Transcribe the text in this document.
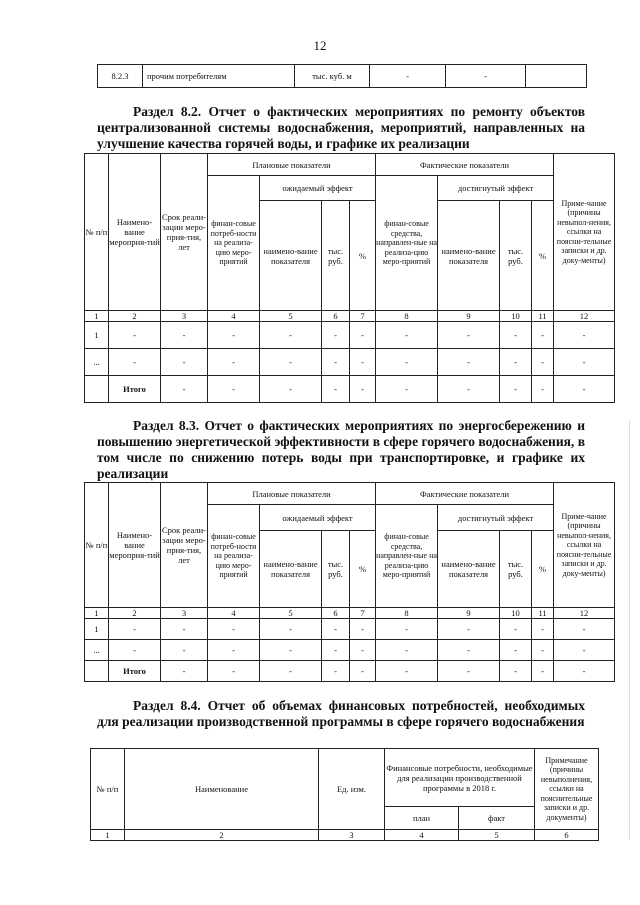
12
8.2.3	прочим потребителям	тыс. куб. м	-	-	
Раздел 8.2. Отчет о фактических мероприятиях по ремонту объектов централизованной системы водоснабжения, мероприятий, направленных на улучшение качества горячей воды, и графике их реализации
№ п/п	Наимено-вание мероприя-тий	Срок реали-зации меро-прия-тия, лет	Плановые показатели				Фактические показатели				Приме-чание (причины невыпол-нения, ссылки на поясни-тельные записки и др. доку-менты)
			финан-совые потреб-ности на реализа-цию меро-приятий	ожидаемый эффект			финан-совые средства, направлен-ные на реализа-цию меро-приятий	достигнутый эффект			
				наимено-вание показателя	тыс. руб.	%		наимено-вание показателя	тыс. руб.	%	
1	2	3	4	5	6	7	8	9	10	11	12
1	-	-	-	-	-	-	-	-	-	-	-
...	-	-	-	-	-	-	-	-	-	-	-
	Итого	-	-	-	-	-	-	-	-	-	-
Раздел 8.3. Отчет о фактических мероприятиях по энергосбережению и повышению энергетической эффективности в сфере горячего водоснабжения, в том числе по снижению потерь воды при транспортировке, и графике их реализации
№ п/п	Наимено-вание мероприя-тий	Срок реали-зации меро-прия-тия, лет	Плановые показатели				Фактические показатели				Приме-чание (причины невыпол-нения, ссылки на поясни-тельные записки и др. доку-менты)
			финан-совые потреб-ности на реализа-цию меро-приятий	ожидаемый эффект			финан-совые средства, направлен-ные на реализа-цию меро-приятий	достигнутый эффект			
				наимено-вание показателя	тыс. руб.	%		наимено-вание показателя	тыс. руб.	%	
1	2	3	4	5	6	7	8	9	10	11	12
1	-	-	-	-	-	-	-	-	-	-	-
...	-	-	-	-	-	-	-	-	-	-	-
	Итого	-	-	-	-	-	-	-	-	-	-
Раздел 8.4. Отчет об объемах финансовых потребностей, необходимых для реализации производственной программы в сфере горячего водоснабжения
№ п/п	Наименование	Ед. изм.	Финансовые потребности, необходимые для реализации производственной программы в 2018 г.		Примечание (причины невыполнения, ссылки на пояснительные записки и др. документы)
			план	факт	
1	2	3	4	5	6
